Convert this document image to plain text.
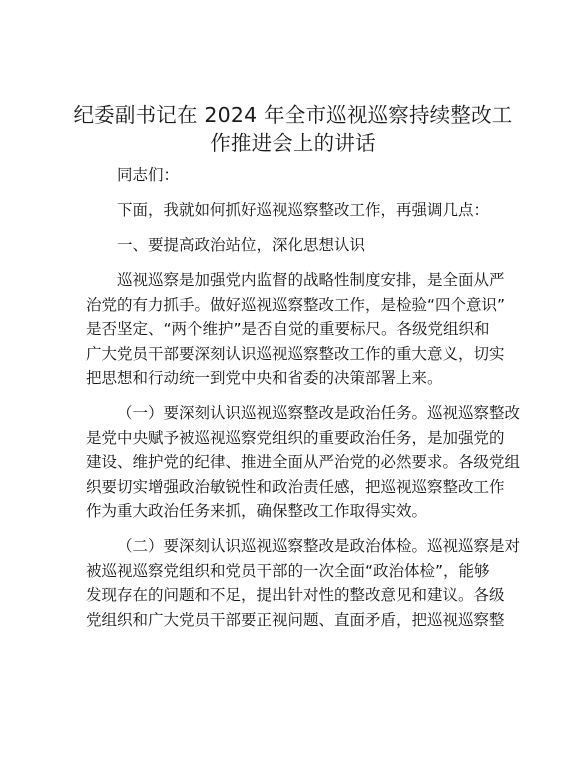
纪委副书记在 2024 年全市巡视巡察持续整改工
作推进会上的讲话
同志们：
下面，我就如何抓好巡视巡察整改工作，再强调几点：
一、要提高政治站位，深化思想认识
巡视巡察是加强党内监督的战略性制度安排，是全面从严
治党的有力抓手。做好巡视巡察整改工作，是检验“四个意识”
是否坚定、“两个维护”是否自觉的重要标尺。各级党组织和
广大党员干部要深刻认识巡视巡察整改工作的重大意义，切实
把思想和行动统一到党中央和省委的决策部署上来。
（一）要深刻认识巡视巡察整改是政治任务。巡视巡察整改
是党中央赋予被巡视巡察党组织的重要政治任务，是加强党的
建设、维护党的纪律、推进全面从严治党的必然要求。各级党组
织要切实增强政治敏锐性和政治责任感，把巡视巡察整改工作
作为重大政治任务来抓，确保整改工作取得实效。
（二）要深刻认识巡视巡察整改是政治体检。巡视巡察是对
被巡视巡察党组织和党员干部的一次全面“政治体检”，能够
发现存在的问题和不足，提出针对性的整改意见和建议。各级
党组织和广大党员干部要正视问题、直面矛盾，把巡视巡察整
